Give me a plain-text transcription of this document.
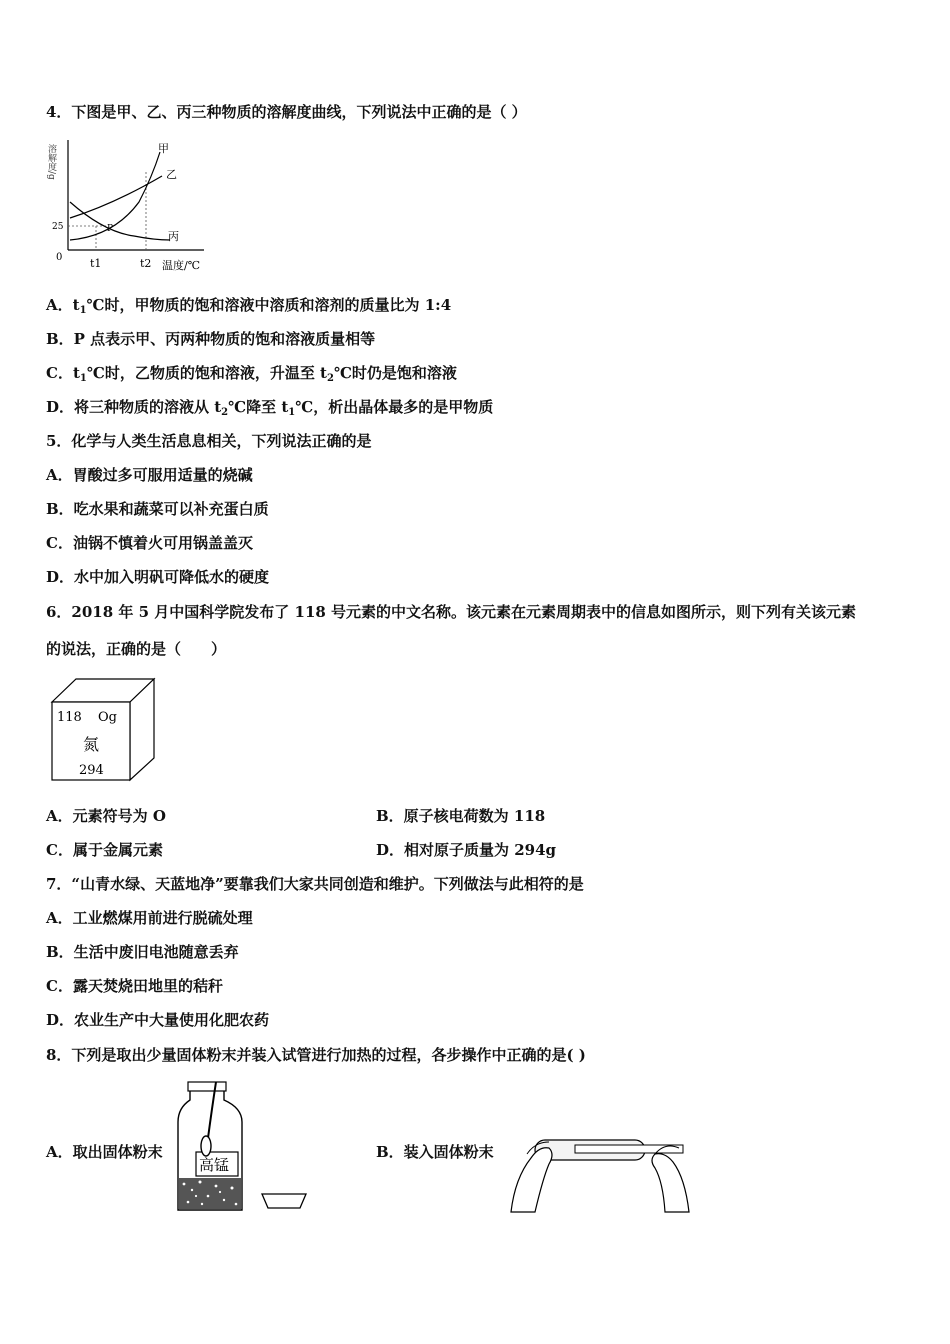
4．下图是甲、乙、丙三种物质的溶解度曲线，下列说法中正确的是（ ）
溶解度/g
25
0	t1	t2 温度/℃
甲
乙
丙
P
A．$t_1℃$时，甲物质的饱和溶液中溶质和溶剂的质量比为 1:4
B．P 点表示甲、丙两种物质的饱和溶液质量相等
C．$t_1℃$时，乙物质的饱和溶液，升温至 $t_2℃$时仍是饱和溶液
D．将三种物质的溶液从 $t_2℃$降至 $t_1℃$，析出晶体最多的是甲物质
5．化学与人类生活息息相关，下列说法正确的是
A．胃酸过多可服用适量的烧碱
B．吃水果和蔬菜可以补充蛋白质
C．油锅不慎着火可用锅盖盖灭
D．水中加入明矾可降低水的硬度
6．2018 年 5 月中国科学院发布了 118 号元素的中文名称。该元素在元素周期表中的信息如图所示，则下列有关该元素
的说法，正确的是（　　）
118 Og
氮
294
A．元素符号为 O	B．原子核电荷数为 118
C．属于金属元素	D．相对原子质量为 294g
7．“山青水绿、天蓝地净”要靠我们大家共同创造和维护。下列做法与此相符的是
A．工业燃煤用前进行脱硫处理
B．生活中废旧电池随意丢弃
C．露天焚烧田地里的秸秆
D．农业生产中大量使用化肥农药
8．下列是取出少量固体粉末并装入试管进行加热的过程，各步操作中正确的是( )
A．取出固体粉末
高锰
B．装入固体粉末
